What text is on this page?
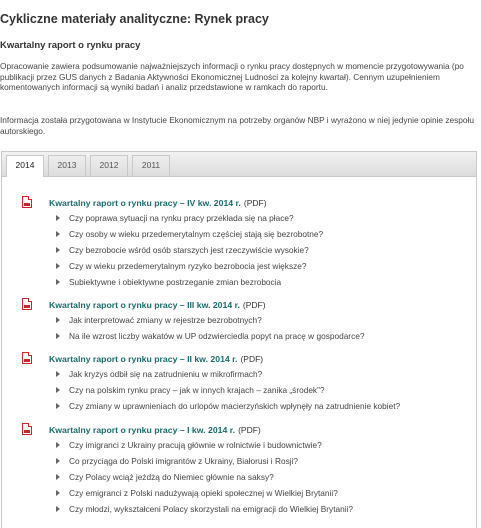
Cykliczne materiały analityczne: Rynek pracy
Kwartalny raport o rynku pracy

Opracowanie zawiera podsumowanie najważniejszych informacji o rynku pracy dostępnych w momencie przygotowywania (po publikacji przez GUS danych z Badania Aktywności Ekonomicznej Ludności za kolejny kwartał). Cennym uzupełnieniem komentowanych informacji są wyniki badań i analiz przedstawione w ramkach do raportu.

Informacja została przygotowana w Instytucie Ekonomicznym na potrzeby organów NBP i wyrażono w niej jedynie opinie zespołu autorskiego.

2014	2013	2012	2011
Kwartalny raport o rynku pracy – IV kw. 2014 r. (PDF)
Czy poprawa sytuacji na rynku pracy przekłada się na płace?
Czy osoby w wieku przedemerytalnym częściej stają się bezrobotne?
Czy bezrobocie wśród osób starszych jest rzeczywiście wysokie?
Czy w wieku przedemerytalnym ryzyko bezrobocia jest większe?
Subiektywne i obiektywne postrzeganie zmian bezrobocia
Kwartalny raport o rynku pracy – III kw. 2014 r. (PDF)
Jak interpretować zmiany w rejestrze bezrobotnych?
Na ile wzrost liczby wakatów w UP odzwierciedla popyt na pracę w gospodarce?
Kwartalny raport o rynku pracy – II kw. 2014 r. (PDF)
Jak kryzys odbił się na zatrudnieniu w mikrofirmach?
Czy na polskim rynku pracy – jak w innych krajach – zanika „środek”?
Czy zmiany w uprawnieniach do urlopów macierzyńskich wpłynęły na zatrudnienie kobiet?
Kwartalny raport o rynku pracy – I kw. 2014 r. (PDF)
Czy imigranci z Ukrainy pracują głównie w rolnictwie i budownictwie?
Co przyciąga do Polski imigrantów z Ukrainy, Białorusi i Rosji?
Czy Polacy wciąż jeżdżą do Niemiec głównie na saksy?
Czy emigranci z Polski nadużywają opieki społecznej w Wielkiej Brytanii?
Czy młodzi, wykształceni Polacy skorzystali na emigracji do Wielkiej Brytanii?
